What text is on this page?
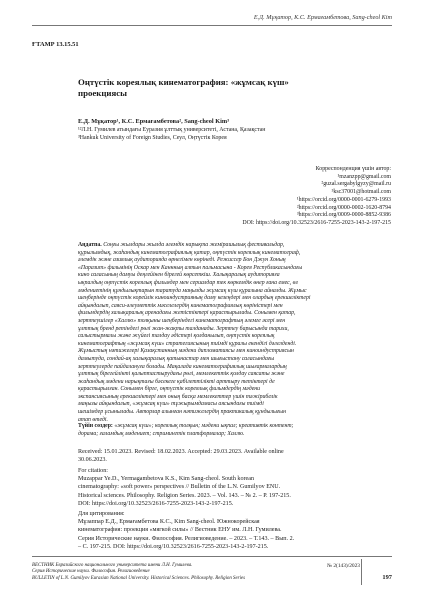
Е.Д. Мұқатор, К.С. Ермағамбетова, Sang-cheol Kim
ҒТАМР 13.15.51
Оңтүстік кореялық кинематография: «жұмсақ күш»
проекциясы
Е.Д. Мұқатор¹, К.С. Ермағамбетова², Sang-cheol Kim³
¹²Л.Н. Гумилев атындағы Еуразия ұлттық университеті, Астана, Қазақстан
³Hankuk University of Foreign Studies, Сеул, Оңтүстік Корея
Корреспонденция үшін автор:
¹mzanzpp@gmail.com
²guzal.sergabylgyzy@mail.ru
³ksc37001@hotmail.com
¹https://orcid.org/0000-0001-6279-1993
²https://orcid.org/0000-0002-1620-8794
³https://orcid.org/0009-0000-8852-9386
DOI: https://doi.org/10.32523/2616-7255-2023-143-2-197-215
Аңдатпа. Соңғы жылдары жылда әлемдік нарықта жемірашылық фестивальдар,
құрылымдық, жаһандық кинематографиялық қатар, оңтүстік кореялық кинематограф,
әлемдік және азиялық аудиторияда өрнегімен көрінеді. Режиссер Бон Джун Хоның
«Паразит» фильмінің Оскар мен Каннның алтын пальмасына - Корея Республикасындағы
кино саласының дамуы деңгейінен бірегей көрсеткіш. Халықаралық аудиторияға
ықпалдың оңтүстік кореялық фильмдер мен сериалдар тек көркемдік өнер ғана емес, өз
мәдениетінің құндылықтарын таратуда маңызды жұмсақ күш құралына айналды. Жұмыс
шеңберінде оңтүстік корейлік киноиндустрияның даму кезеңдері мен олардың ерекшеліктері
айқындалып, саяси-әлеуметтік мәселелердің кинематографиялық көріністері мен
фильмдердің халықаралық аренадағы жетістіктері қарастырылады. Сонымен қатар,
зерттеушілер «Халлю» толқыны шеңберіндегі кинематографтың әлемге әсері мен
ұлттық бренд ретіндегі рөлі жан-жақты талданады. Зерттеу барысында тарихи,
салыстырмалы және жүйелі талдау әдістері қолданылып, оңтүстік кореялық
кинематографтың «жұмсақ күш» стратегиясының тиімді құралы екендігі дәлелденді.
Жұмыстың нәтижелері Қазақстанның мәдени дипломатиясы мен киноиндустриясын
дамытуда, сондай-ақ халықаралық қатынастар мен шығыстану саласындағы
зерттеулерде пайдалануға болады. Мақалада кинематографиялық шығармалардың
ұлттық бірегейлікті қалыптастырудағы рөлі, мемлекеттік қолдау саясаты және
жаһандық мәдени нарықтағы бәсекеге қабілеттілікті арттыру тетіктері де
қарастырылған. Сонымен бірге, оңтүстік кореялық фильмдердің мәдени
экспансиясының ерекшеліктері мен оның басқа мемлекеттер үшін тәжірибелік
маңызы айқындалып, «жұмсақ күш» тұжырымдамасы аясындағы тиімді
шешімдер ұсынылады. Авторлар алынған нәтижелердің практикалық құндылығын
атап өтеді.
Түйін сөздер: «жұмсақ күш»; кореялық толқын; мәдени ықпал; креативтік контент;
дорама; ғаламдық мәдениет; стримингтік платформалар; Халлю.
Received: 15.01.2023. Revised: 18.02.2023. Accepted: 29.03.2023. Available online
30.06.2023.
For citation:
Muzappar Ye.D., Yermagambetova K.S., Kim Sang-cheol. South korean
cinematography: «soft power» perspectives // Bulletin of the L.N. Gumilyov ENU.
Historical sciences. Philosophy. Religion Series. 2023. – Vol. 143. – № 2. – P. 197-215.
DOI: https://doi.org/10.32523/2616-7255-2023-143-2-197-215.
Для цитирования:
Мұзаппар Е.Д., Ермағамбетова К.С., Kim Sang-cheol. Южнокорейская
кинематография: проекция «мягкой силы» // Вестник ЕНУ им. Л.Н. Гумилева.
Серия Исторические науки. Философия. Религиоведение. – 2023. – Т.143. – Вып. 2.
– С. 197-215. DOI: https://doi.org/10.32523/2616-7255-2023-143-2-197-215.
ВЕСТНИК Евразийского национального университета имени Л.Н. Гумилева.
Серия Исторические науки. Философия. Религиоведение
BULLETIN of L.N. Gumilyov Eurasian National University. Historical Sciences. Philosophy. Religion Series
№ 2(143)/2023
197
